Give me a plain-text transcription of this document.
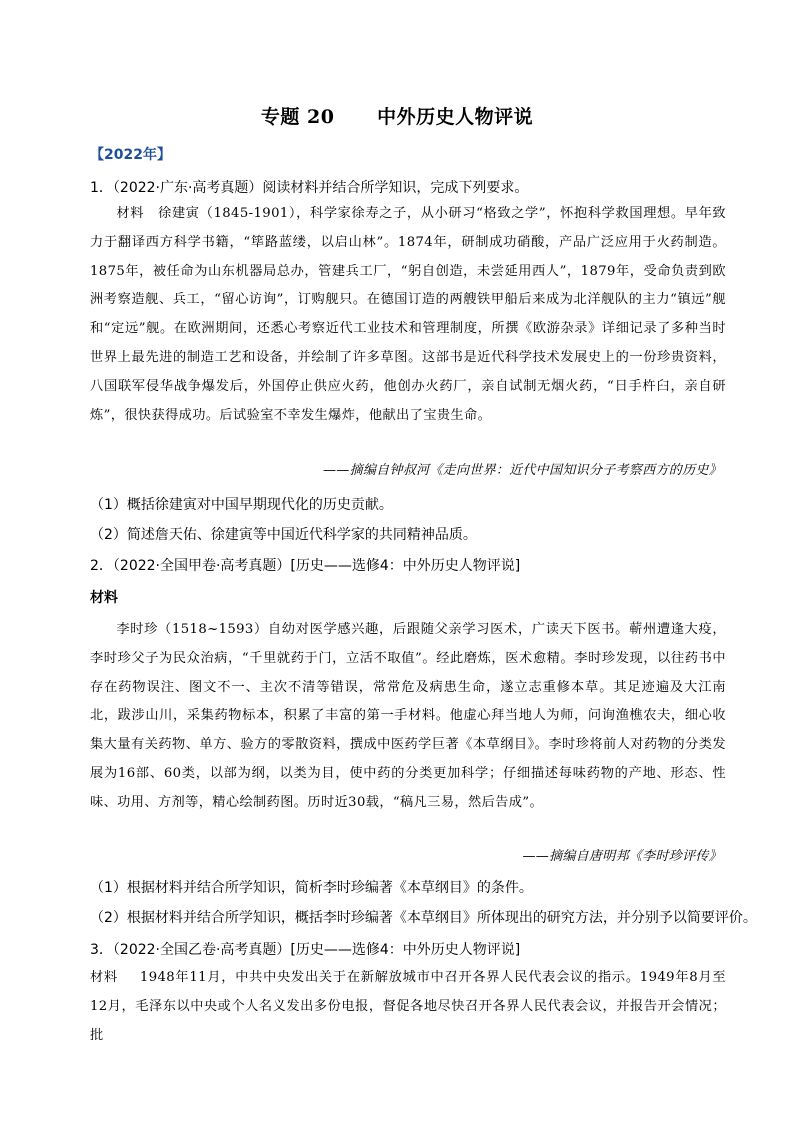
专题 20      中外历史人物评说
【2022年】
1．（2022·广东·高考真题）阅读材料并结合所学知识，完成下列要求。

材料 徐建寅（1845-1901），科学家徐寿之子，从小研习“格致之学”，怀抱科学救国理想。早年致力于翻译西方科学书籍，“筚路蓝缕，以启山林”。1874年，研制成功硝酸，产品广泛应用于火药制造。1875年，被任命为山东机器局总办，管建兵工厂，“躬自创造，未尝延用西人”，1879年，受命负责到欧洲考察造舰、兵工，“留心访询”，订购舰只。在德国订造的两艘铁甲船后来成为北洋舰队的主力“镇远”舰和“定远”舰。在欧洲期间，还悉心考察近代工业技术和管理制度，所撰《欧游杂录》详细记录了多种当时世界上最先进的制造工艺和设备，并绘制了许多草图。这部书是近代科学技术发展史上的一份珍贵资料，八国联军侵华战争爆发后，外国停止供应火药，他创办火药厂，亲自试制无烟火药，“日手杵臼，亲自研炼”，很快获得成功。后试验室不幸发生爆炸，他献出了宝贵生命。

——摘编自钟叔河《走向世界：近代中国知识分子考察西方的历史》
（1）概括徐建寅对中国早期现代化的历史贡献。
（2）简述詹天佑、徐建寅等中国近代科学家的共同精神品质。
2．（2022·全国甲卷·高考真题）[历史——选修4：中外历史人物评说]
材料

李时珍（1518~1593）自幼对医学感兴趣，后跟随父亲学习医术，广读天下医书。蕲州遭逢大疫，李时珍父子为民众治病，“千里就药于门，立活不取值”。经此磨炼，医术愈精。李时珍发现，以往药书中存在药物误注、图文不一、主次不清等错误，常常危及病患生命，遂立志重修本草。其足迹遍及大江南北，跋涉山川，采集药物标本，积累了丰富的第一手材料。他虚心拜当地人为师，问询渔樵农夫，细心收集大量有关药物、单方、验方的零散资料，撰成中医药学巨著《本草纲目》。李时珍将前人对药物的分类发展为16部、60类，以部为纲，以类为目，使中药的分类更加科学；仔细描述每味药物的产地、形态、性味、功用、方剂等，精心绘制药图。历时近30载，“稿凡三易，然后告成”。

——摘编自唐明邦《李时珍评传》
（1）根据材料并结合所学知识，简析李时珍编著《本草纲目》的条件。
（2）根据材料并结合所学知识，概括李时珍编著《本草纲目》所体现出的研究方法，并分别予以简要评价。
3．（2022·全国乙卷·高考真题）[历史——选修4：中外历史人物评说]

材料 1948年11月，中共中央发出关于在新解放城市中召开各界人民代表会议的指示。1949年8月至12月，毛泽东以中央或个人名义发出多份电报，督促各地尽快召开各界人民代表会议，并报告开会情况；批
